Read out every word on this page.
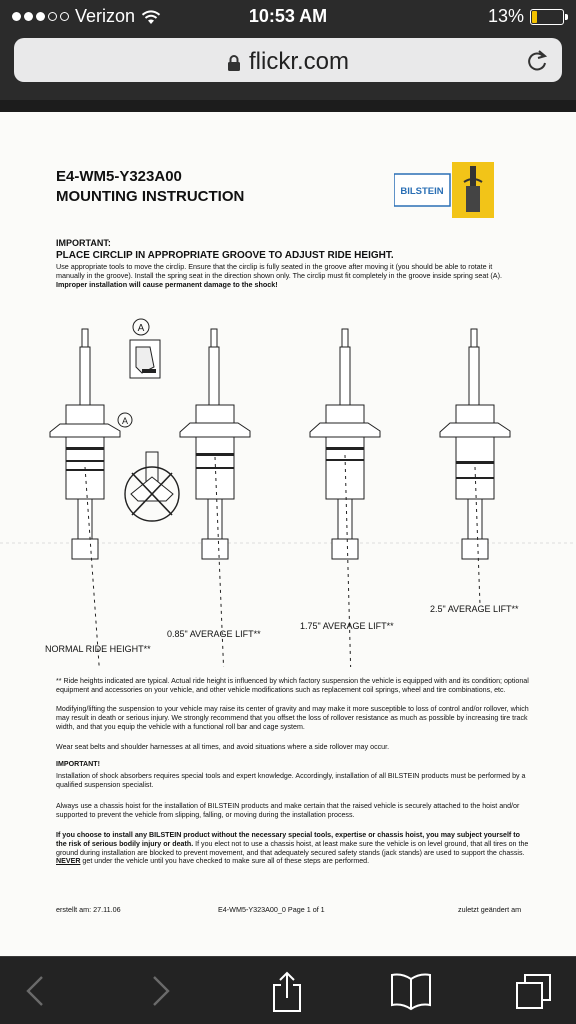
Verizon	10:53 AM	13%
flickr.com
E4-WM5-Y323A00
MOUNTING INSTRUCTION	BILSTEIN
IMPORTANT:
PLACE CIRCLIP IN APPROPRIATE GROOVE TO ADJUST RIDE HEIGHT.
Use appropriate tools to move the circlip. Ensure that the circlip is fully seated in the groove after moving it (you should be able to rotate it manually in the groove). Install the spring seat in the direction shown only. The circlip must fit completely in the groove inside spring seat (A). Improper installation will cause permanent damage to the shock!
A
A
NORMAL RIDE HEIGHT**
0.85" AVERAGE LIFT**
1.75" AVERAGE LIFT**
2.5" AVERAGE LIFT**
** Ride heights indicated are typical. Actual ride height is influenced by which factory suspension the vehicle is equipped with and its condition; optional equipment and accessories on your vehicle, and other vehicle modifications such as replacement coil springs, wheel and tire combinations, etc.
Modifying/lifting the suspension to your vehicle may raise its center of gravity and may make it more susceptible to loss of control and/or rollover, which may result in death or serious injury. We strongly recommend that you offset the loss of rollover resistance as much as possible by increasing tire track width, and that you equip the vehicle with a functional roll bar and cage system.
Wear seat belts and shoulder harnesses at all times, and avoid situations where a side rollover may occur.
IMPORTANT!
Installation of shock absorbers requires special tools and expert knowledge. Accordingly, installation of all BILSTEIN products must be performed by a qualified suspension specialist.
Always use a chassis hoist for the installation of BILSTEIN products and make certain that the raised vehicle is securely attached to the hoist and/or supported to prevent the vehicle from slipping, falling, or moving during the installation process.
If you choose to install any BILSTEIN product without the necessary special tools, expertise or chassis hoist, you may subject yourself to the risk of serious bodily injury or death. If you elect not to use a chassis hoist, at least make sure the vehicle is on level ground, that all tires on the ground during installation are blocked to prevent movement, and that adequately secured safety stands (jack stands) are used to support the chassis. NEVER get under the vehicle until you have checked to make sure all of these steps are performed.
erstellt am: 27.11.06	E4-WM5-Y323A00_0 Page 1 of 1	zuletzt geändert am
